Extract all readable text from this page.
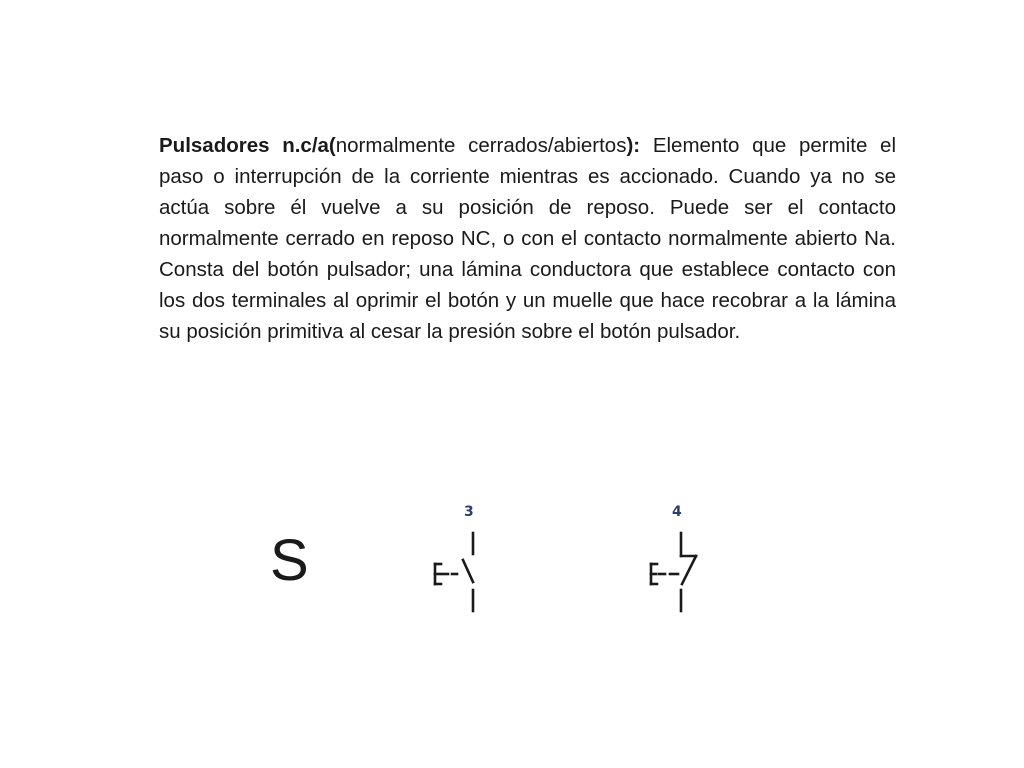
Pulsadores n.c/a(normalmente cerrados/abiertos): Elemento que permite el paso o interrupción de la corriente mientras es accionado. Cuando ya no se actúa sobre él vuelve a su posición de reposo. Puede ser el contacto normalmente cerrado en reposo NC, o con el contacto normalmente abierto Na. Consta del botón pulsador; una lámina conductora que establece contacto con los dos terminales al oprimir el botón y un muelle que hace recobrar a la lámina su posición primitiva al cesar la presión sobre el botón pulsador.

S
3	4
